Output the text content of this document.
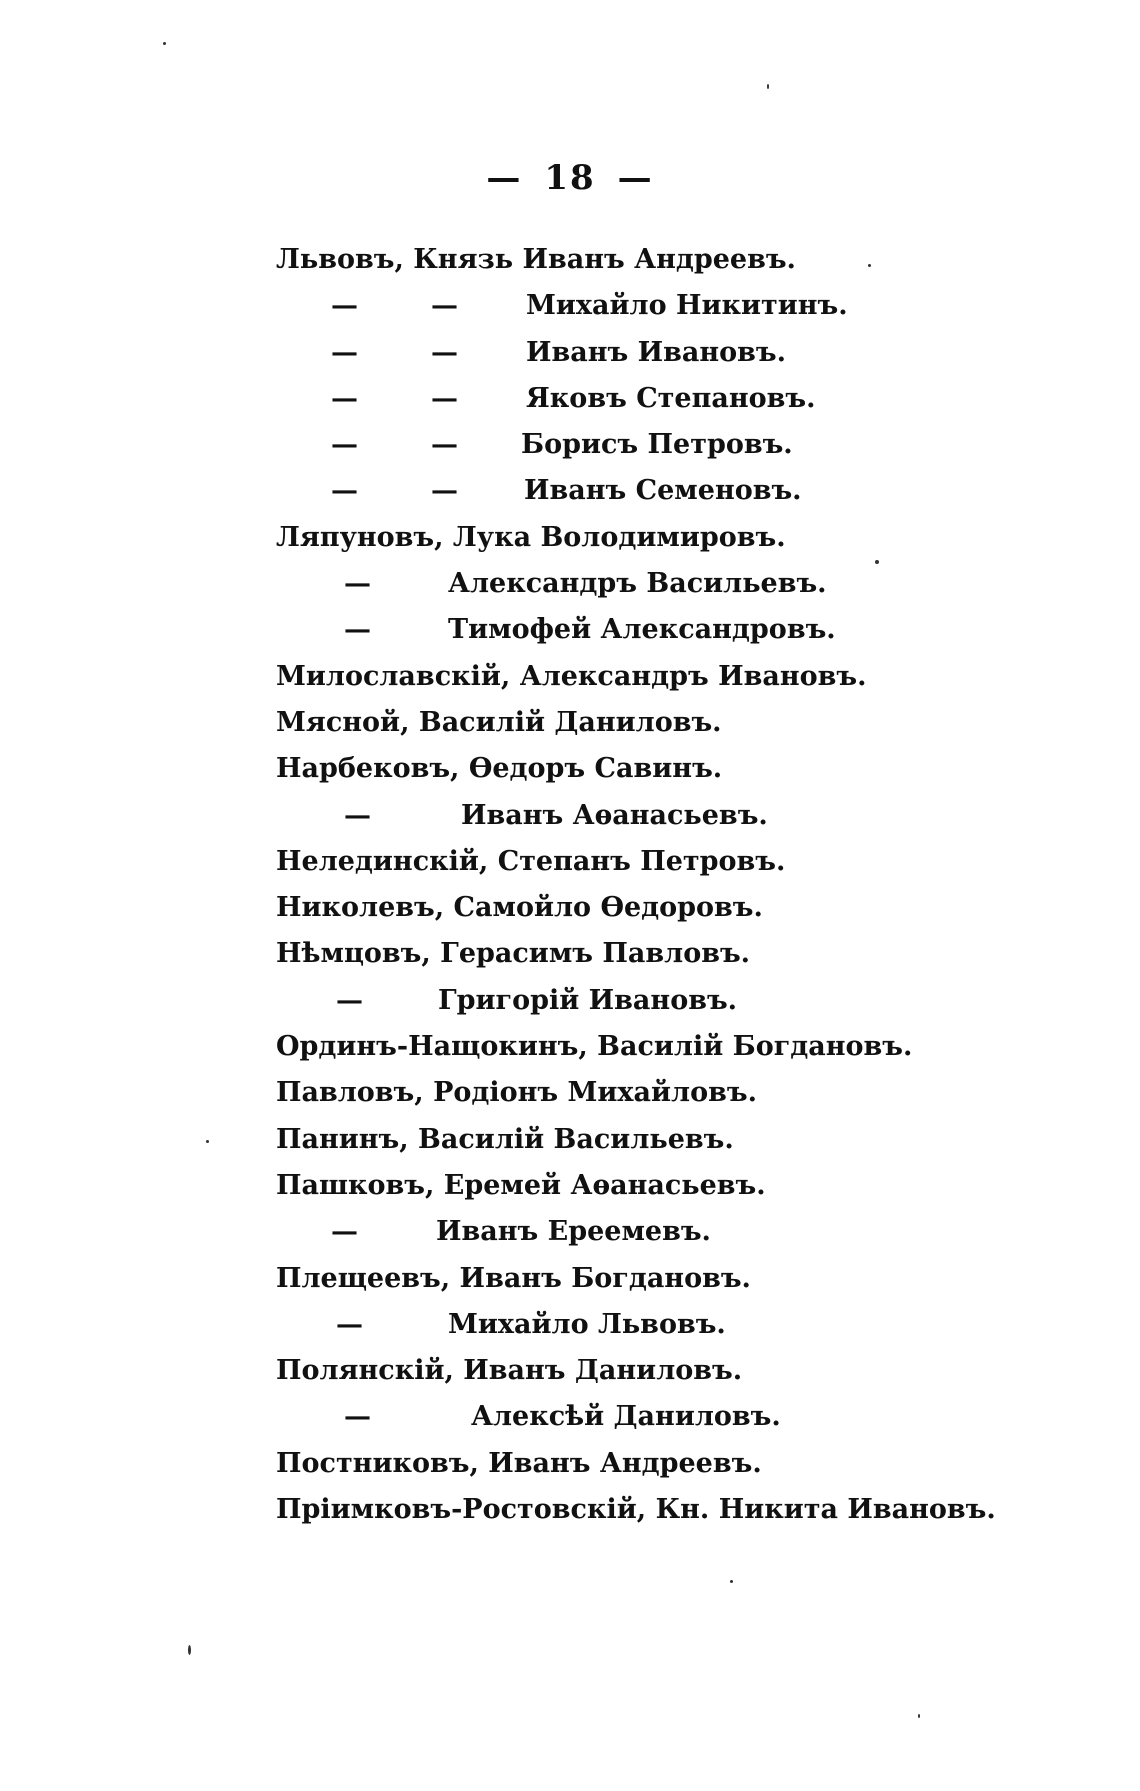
— 18 —
Львовъ, Князь Иванъ Андреевъ.
—	—	Михайло Никитинъ.
—	—	Иванъ Ивановъ.
—	—	Яковъ Степановъ.
—	— Борисъ Петровъ.
—	— Иванъ Семеновъ.
Ляпуновъ, Лука Володимировъ.
—	Александръ Васильевъ.
—	Тимофей Александровъ.
Милославскій, Александръ Ивановъ.
Мясной, Василій Даниловъ.
Нарбековъ, Ѳедоръ Савинъ.
—	Иванъ Аѳанасьевъ.
Нелединскій, Степанъ Петровъ.
Николевъ, Самойло Ѳедоровъ.
Нѣмцовъ, Герасимъ Павловъ.
—	Григорій Ивановъ.
Ординъ-Нащокинъ, Василій Богдановъ.
Павловъ, Родіонъ Михайловъ.
Панинъ, Василій Васильевъ.
Пашковъ, Еремей Аѳанасьевъ.
—	Иванъ Ереемевъ.
Плещеевъ, Иванъ Богдановъ.
—	Михайло Львовъ.
Полянскій, Иванъ Даниловъ.
—	Алексѣй Даниловъ.
Постниковъ, Иванъ Андреевъ.
Пріимковъ-Ростовскій, Кн. Никита Ивановъ.
